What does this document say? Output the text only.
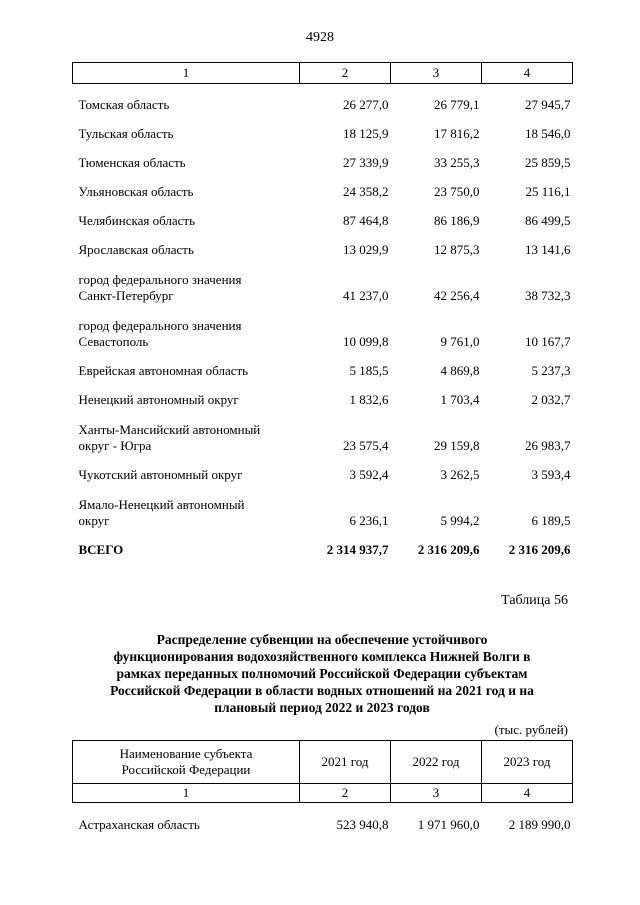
4928
1	2	3	4
Томская область	26 277,0	26 779,1	27 945,7
Тульская область	18 125,9	17 816,2	18 546,0
Тюменская область	27 339,9	33 255,3	25 859,5
Ульяновская область	24 358,2	23 750,0	25 116,1
Челябинская область	87 464,8	86 186,9	86 499,5
Ярославская область	13 029,9	12 875,3	13 141,6
город федерального значения
Санкт-Петербург	41 237,0	42 256,4	38 732,3
город федерального значения
Севастополь	10 099,8	9 761,0	10 167,7
Еврейская автономная область	5 185,5	4 869,8	5 237,3
Ненецкий автономный округ	1 832,6	1 703,4	2 032,7
Ханты-Мансийский автономный
округ - Югра	23 575,4	29 159,8	26 983,7
Чукотский автономный округ	3 592,4	3 262,5	3 593,4
Ямало-Ненецкий автономный
округ	6 236,1	5 994,2	6 189,5
ВСЕГО	2 314 937,7	2 316 209,6	2 316 209,6
Таблица 56
Распределение субвенции на обеспечение устойчивого
функционирования водохозяйственного комплекса Нижней Волги в
рамках переданных полномочий Российской Федерации субъектам
Российской Федерации в области водных отношений на 2021 год и на
плановый период 2022 и 2023 годов
(тыс. рублей)
Наименование субъекта
Российской Федерации	2021 год	2022 год	2023 год
1	2	3	4
Астраханская область	523 940,8	1 971 960,0	2 189 990,0
